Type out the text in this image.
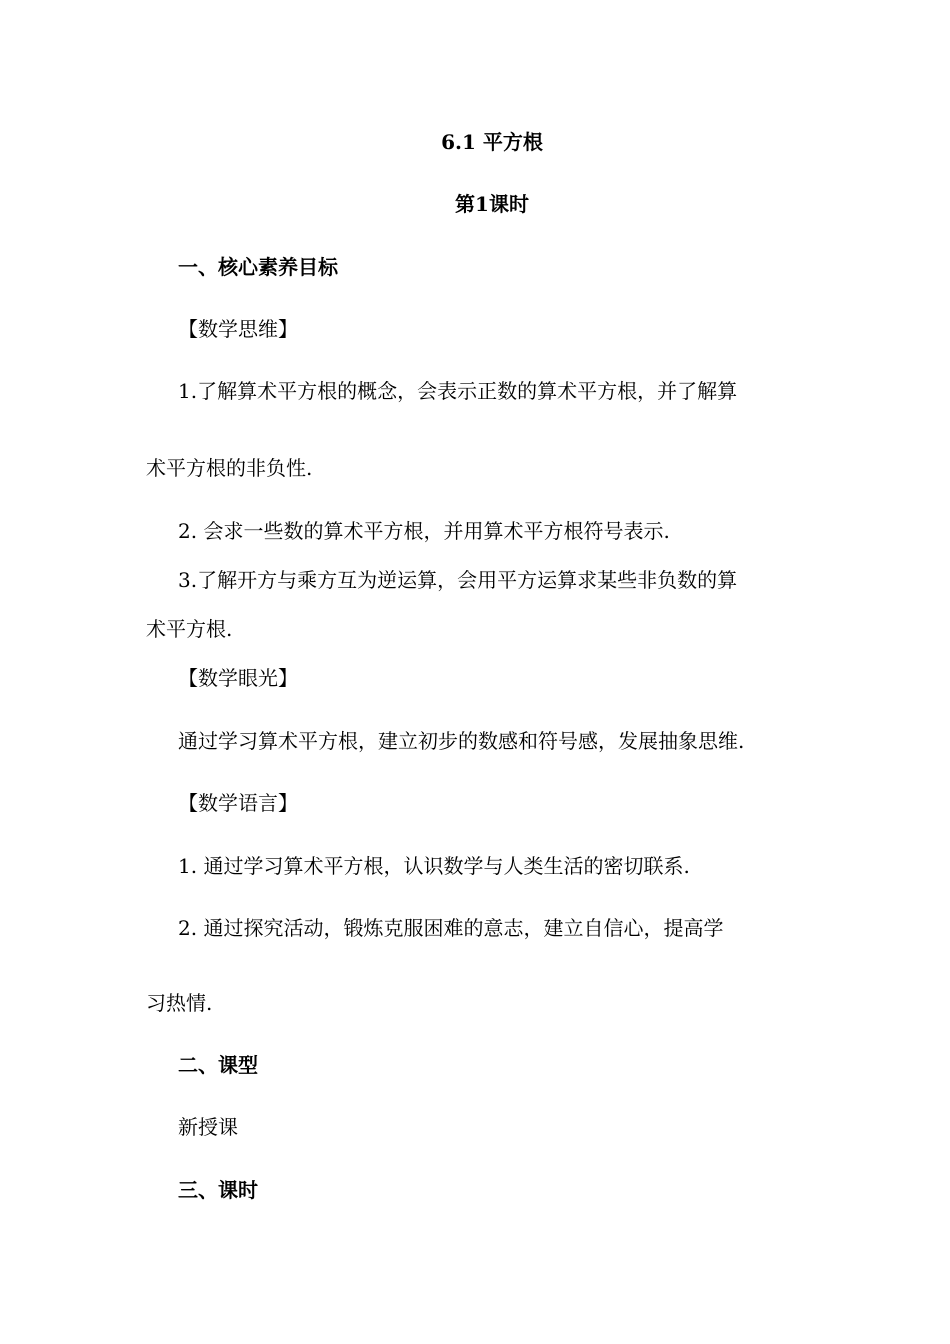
6.1 平方根
第1课时
一、核心素养目标
【数学思维】
1.了解算术平方根的概念，会表示正数的算术平方根，并了解算
术平方根的非负性.
2. 会求一些数的算术平方根，并用算术平方根符号表示.
3.了解开方与乘方互为逆运算，会用平方运算求某些非负数的算
术平方根.
【数学眼光】
通过学习算术平方根，建立初步的数感和符号感，发展抽象思维.
【数学语言】
1. 通过学习算术平方根，认识数学与人类生活的密切联系.
2. 通过探究活动，锻炼克服困难的意志，建立自信心，提高学
习热情.
二、课型
新授课
三、课时
